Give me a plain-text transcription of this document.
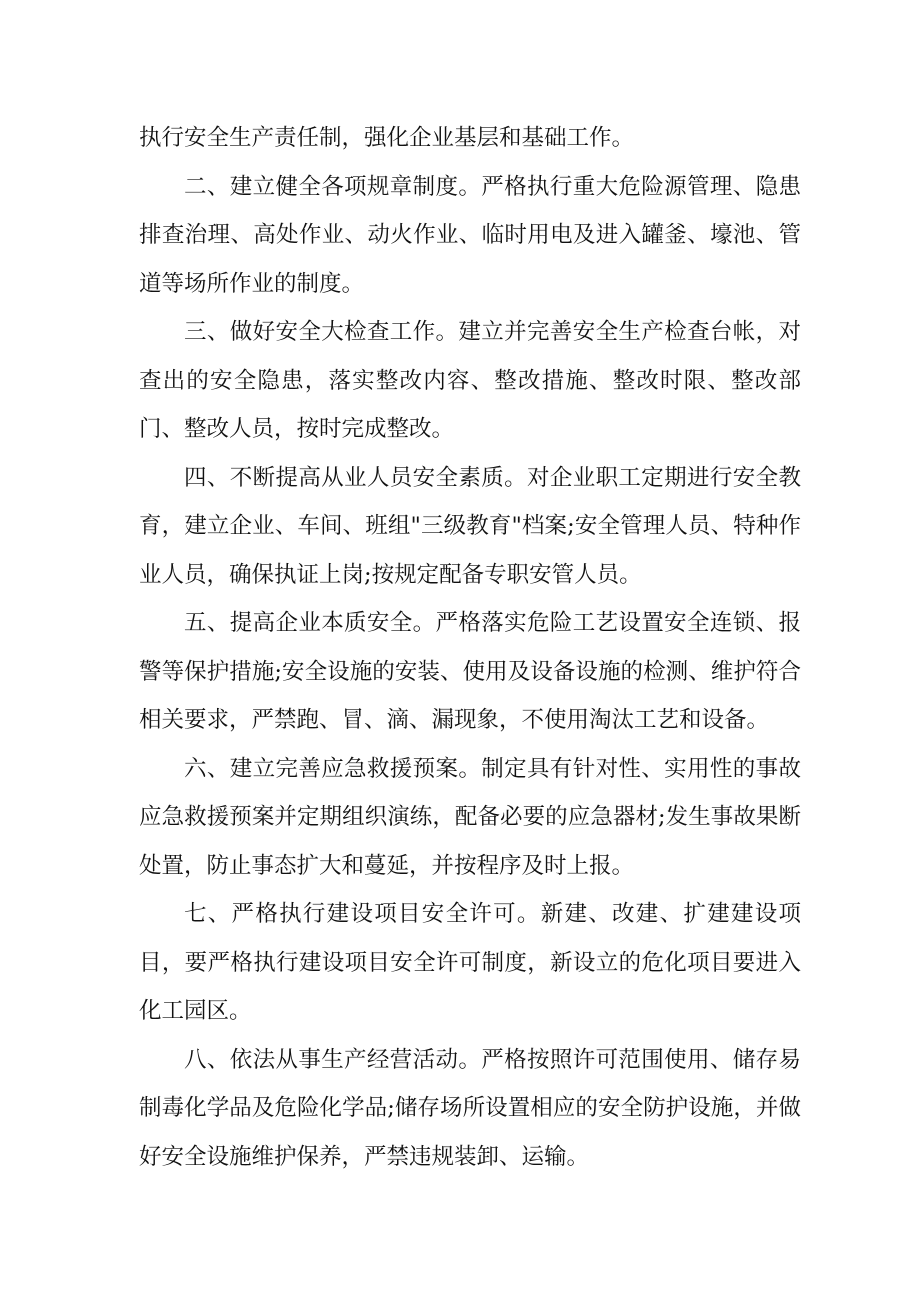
执行安全生产责任制，强化企业基层和基础工作。

二、建立健全各项规章制度。严格执行重大危险源管理、隐患排查治理、高处作业、动火作业、临时用电及进入罐釜、壕池、管道等场所作业的制度。

三、做好安全大检查工作。建立并完善安全生产检查台帐，对查出的安全隐患，落实整改内容、整改措施、整改时限、整改部门、整改人员，按时完成整改。

四、不断提高从业人员安全素质。对企业职工定期进行安全教育，建立企业、车间、班组"三级教育"档案;安全管理人员、特种作业人员，确保执证上岗;按规定配备专职安管人员。

五、提高企业本质安全。严格落实危险工艺设置安全连锁、报警等保护措施;安全设施的安装、使用及设备设施的检测、维护符合相关要求，严禁跑、冒、滴、漏现象，不使用淘汰工艺和设备。

六、建立完善应急救援预案。制定具有针对性、实用性的事故应急救援预案并定期组织演练，配备必要的应急器材;发生事故果断处置，防止事态扩大和蔓延，并按程序及时上报。

七、严格执行建设项目安全许可。新建、改建、扩建建设项目，要严格执行建设项目安全许可制度，新设立的危化项目要进入化工园区。

八、依法从事生产经营活动。严格按照许可范围使用、储存易制毒化学品及危险化学品;储存场所设置相应的安全防护设施，并做好安全设施维护保养，严禁违规装卸、运输。
